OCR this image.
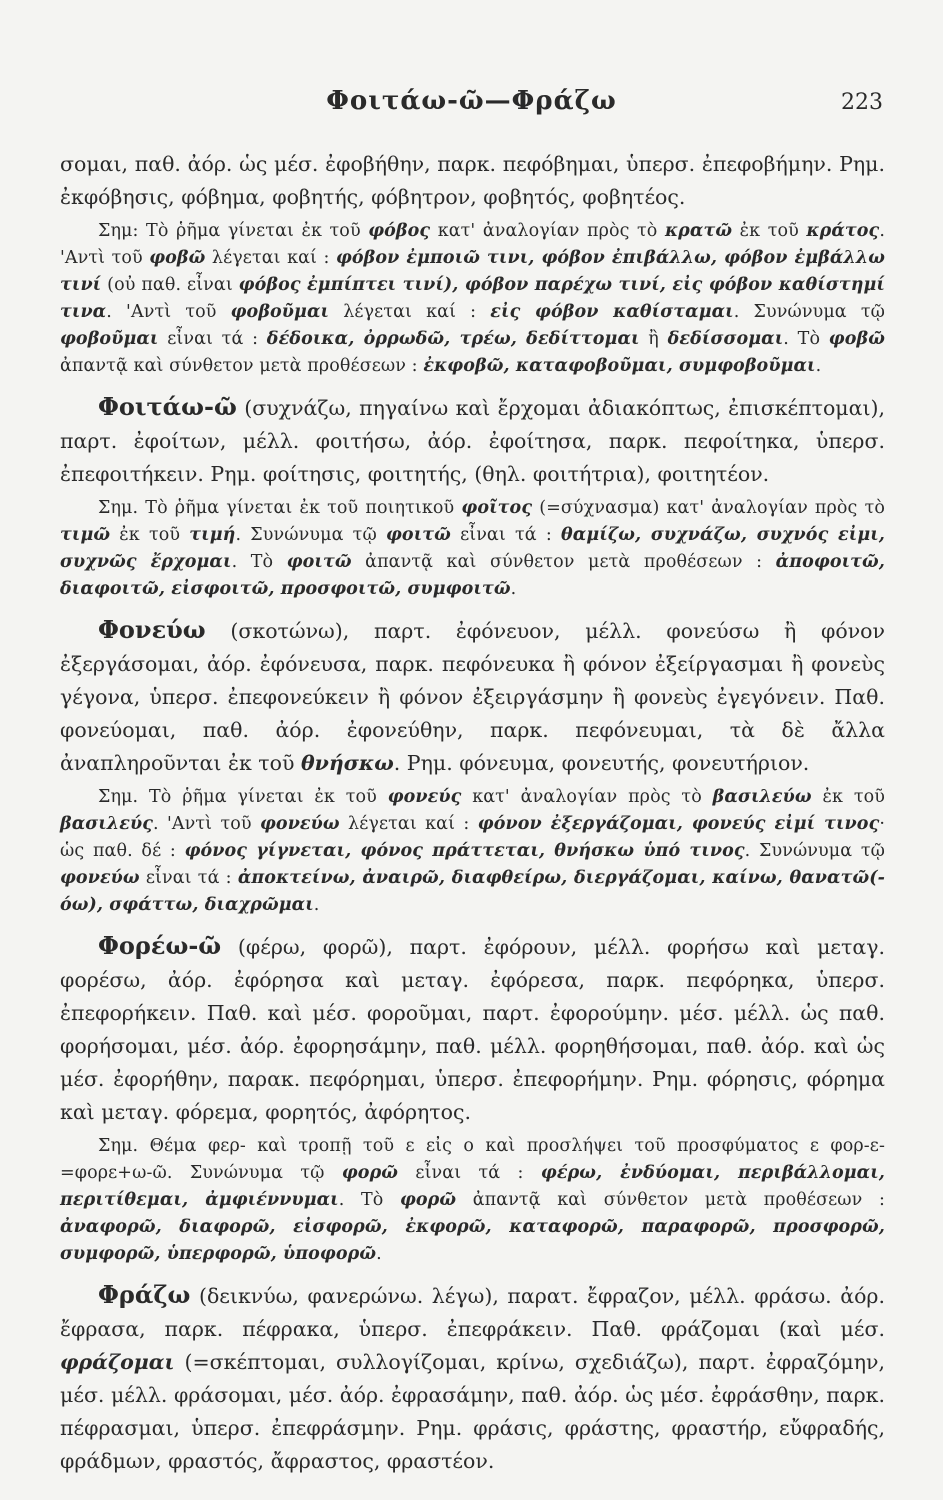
Φοιτάω-ῶ—Φράζω	223

σομαι, παθ. ἀόρ. ὡς μέσ. ἐφοβήθην, παρκ. πεφόβημαι, ὑπερσ. ἐπεφοβήμην. Ρημ. ἐκφόβησις, φόβημα, φοβητής, φόβητρον, φοβητός, φοβητέος.

Σημ: Τὸ ῥῆμα γίνεται ἐκ τοῦ φόβος κατ' ἀναλογίαν πρὸς τὸ κρατῶ ἐκ τοῦ κράτος. 'Αντὶ τοῦ φοβῶ λέγεται καί : φόβον ἐμποιῶ τινι, φόβον ἐπιβάλλω, φόβον ἐμβάλλω τινί (οὐ παθ. εἶναι φόβος ἐμπίπτει τινί), φόβον παρέχω τινί, εἰς φόβον καθίστημί τινα. 'Αντὶ τοῦ φοβοῦμαι λέγεται καί : εἰς φόβον καθίσταμαι. Συνώνυμα τῷ φοβοῦμαι εἶναι τά : δέδοικα, ὀρρωδῶ, τρέω, δεδίττομαι ἢ δεδίσσομαι. Τὸ φοβῶ ἀπαντᾷ καὶ σύνθετον μετὰ προθέσεων : ἐκφοβῶ, καταφοβοῦμαι, συμφοβοῦμαι.

Φοιτάω-ῶ (συχνάζω, πηγαίνω καὶ ἔρχομαι ἀδιακόπτως, ἐπισκέπτομαι), παρτ. ἐφοίτων, μέλλ. φοιτήσω, ἀόρ. ἐφοίτησα, παρκ. πεφοίτηκα, ὑπερσ. ἐπεφοιτήκειν. Ρημ. φοίτησις, φοιτητής, (θηλ. φοιτήτρια), φοιτητέον.

Σημ. Τὸ ῥῆμα γίνεται ἐκ τοῦ ποιητικοῦ φοῖτος (=σύχνασμα) κατ' ἀναλογίαν πρὸς τὸ τιμῶ ἐκ τοῦ τιμή. Συνώνυμα τῷ φοιτῶ εἶναι τά : θαμίζω, συχνάζω, συχνός εἰμι, συχνῶς ἔρχομαι. Τὸ φοιτῶ ἀπαντᾷ καὶ σύνθετον μετὰ προθέσεων : ἀποφοιτῶ, διαφοιτῶ, εἰσφοιτῶ, προσφοιτῶ, συμφοιτῶ.

Φονεύω (σκοτώνω), παρτ. ἐφόνευον, μέλλ. φονεύσω ἢ φόνον ἐξεργάσομαι, ἀόρ. ἐφόνευσα, παρκ. πεφόνευκα ἢ φόνον ἐξείργασμαι ἢ φονεὺς γέγονα, ὑπερσ. ἐπεφονεύκειν ἢ φόνον ἐξειργάσμην ἢ φονεὺς ἐγεγόνειν. Παθ. φονεύομαι, παθ. ἀόρ. ἐφονεύθην, παρκ. πεφόνευμαι, τὰ δὲ ἄλλα ἀναπληροῦνται ἐκ τοῦ θνήσκω. Ρημ. φόνευμα, φονευτής, φονευτήριον.

Σημ. Τὸ ῥῆμα γίνεται ἐκ τοῦ φονεύς κατ' ἀναλογίαν πρὸς τὸ βασιλεύω ἐκ τοῦ βασιλεύς. 'Αντὶ τοῦ φονεύω λέγεται καί : φόνον ἐξεργάζομαι, φονεύς εἰμί τινος· ὡς παθ. δέ : φόνος γίγνεται, φόνος πράττεται, θνήσκω ὑπό τινος. Συνώνυμα τῷ φονεύω εἶναι τά : ἀποκτείνω, ἀναιρῶ, διαφθείρω, διεργάζομαι, καίνω, θανατῶ(-όω), σφάττω, διαχρῶμαι.

Φορέω-ῶ (φέρω, φορῶ), παρτ. ἐφόρουν, μέλλ. φορήσω καὶ μεταγ. φορέσω, ἀόρ. ἐφόρησα καὶ μεταγ. ἐφόρεσα, παρκ. πεφόρηκα, ὑπερσ. ἐπεφορήκειν. Παθ. καὶ μέσ. φοροῦμαι, παρτ. ἐφορούμην. μέσ. μέλλ. ὡς παθ. φορήσομαι, μέσ. ἀόρ. ἐφορησάμην, παθ. μέλλ. φορηθήσομαι, παθ. ἀόρ. καὶ ὡς μέσ. ἐφορήθην, παρακ. πεφόρημαι, ὑπερσ. ἐπεφορήμην. Ρημ. φόρησις, φόρημα καὶ μεταγ. φόρεμα, φορητός, ἀφόρητος.

Σημ. Θέμα φερ- καὶ τροπῇ τοῦ ε εἰς ο καὶ προσλήψει τοῦ προσφύματος ε φορ-ε- =φορε+ω-ῶ. Συνώνυμα τῷ φορῶ εἶναι τά : φέρω, ἐνδύομαι, περιβάλλομαι, περιτίθεμαι, ἀμφιέννυμαι. Τὸ φορῶ ἀπαντᾷ καὶ σύνθετον μετὰ προθέσεων : ἀναφορῶ, διαφορῶ, εἰσφορῶ, ἐκφορῶ, καταφορῶ, παραφορῶ, προσφορῶ, συμφορῶ, ὑπερφορῶ, ὑποφορῶ.

Φράζω (δεικνύω, φανερώνω. λέγω), παρατ. ἔφραζον, μέλλ. φράσω. ἀόρ. ἔφρασα, παρκ. πέφρακα, ὑπερσ. ἐπεφράκειν. Παθ. φράζομαι (καὶ μέσ. φράζομαι (=σκέπτομαι, συλλογίζομαι, κρίνω, σχεδιάζω), παρτ. ἐφραζόμην, μέσ. μέλλ. φράσομαι, μέσ. ἀόρ. ἐφρασάμην, παθ. ἀόρ. ὡς μέσ. ἐφράσθην, παρκ. πέφρασμαι, ὑπερσ. ἐπεφράσμην. Ρημ. φράσις, φράστης, φραστήρ, εὔφραδής, φράδμων, φραστός, ἄφραστος, φραστέον.
